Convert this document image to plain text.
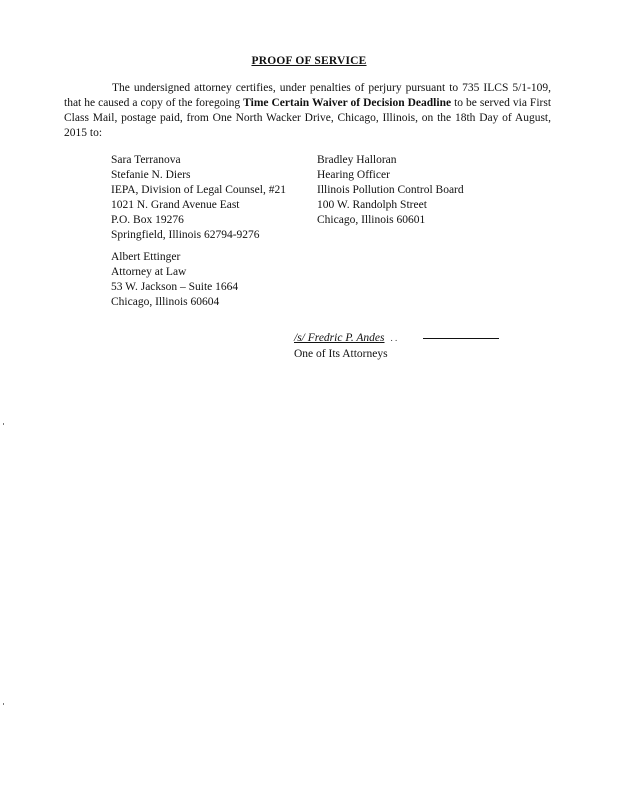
PROOF OF SERVICE
The undersigned attorney certifies, under penalties of perjury pursuant to 735 ILCS 5/1-109, that he caused a copy of the foregoing Time Certain Waiver of Decision Deadline to be served via First Class Mail, postage paid, from One North Wacker Drive, Chicago, Illinois, on the 18th Day of August, 2015 to:
Sara Terranova
Stefanie N. Diers
IEPA, Division of Legal Counsel, #21
1021 N. Grand Avenue East
P.O. Box 19276
Springfield, Illinois 62794-9276
Bradley Halloran
Hearing Officer
Illinois Pollution Control Board
100 W. Randolph Street
Chicago, Illinois 60601
Albert Ettinger
Attorney at Law
53 W. Jackson – Suite 1664
Chicago, Illinois 60604
/s/ Fredric P. Andes . .
One of Its Attorneys
